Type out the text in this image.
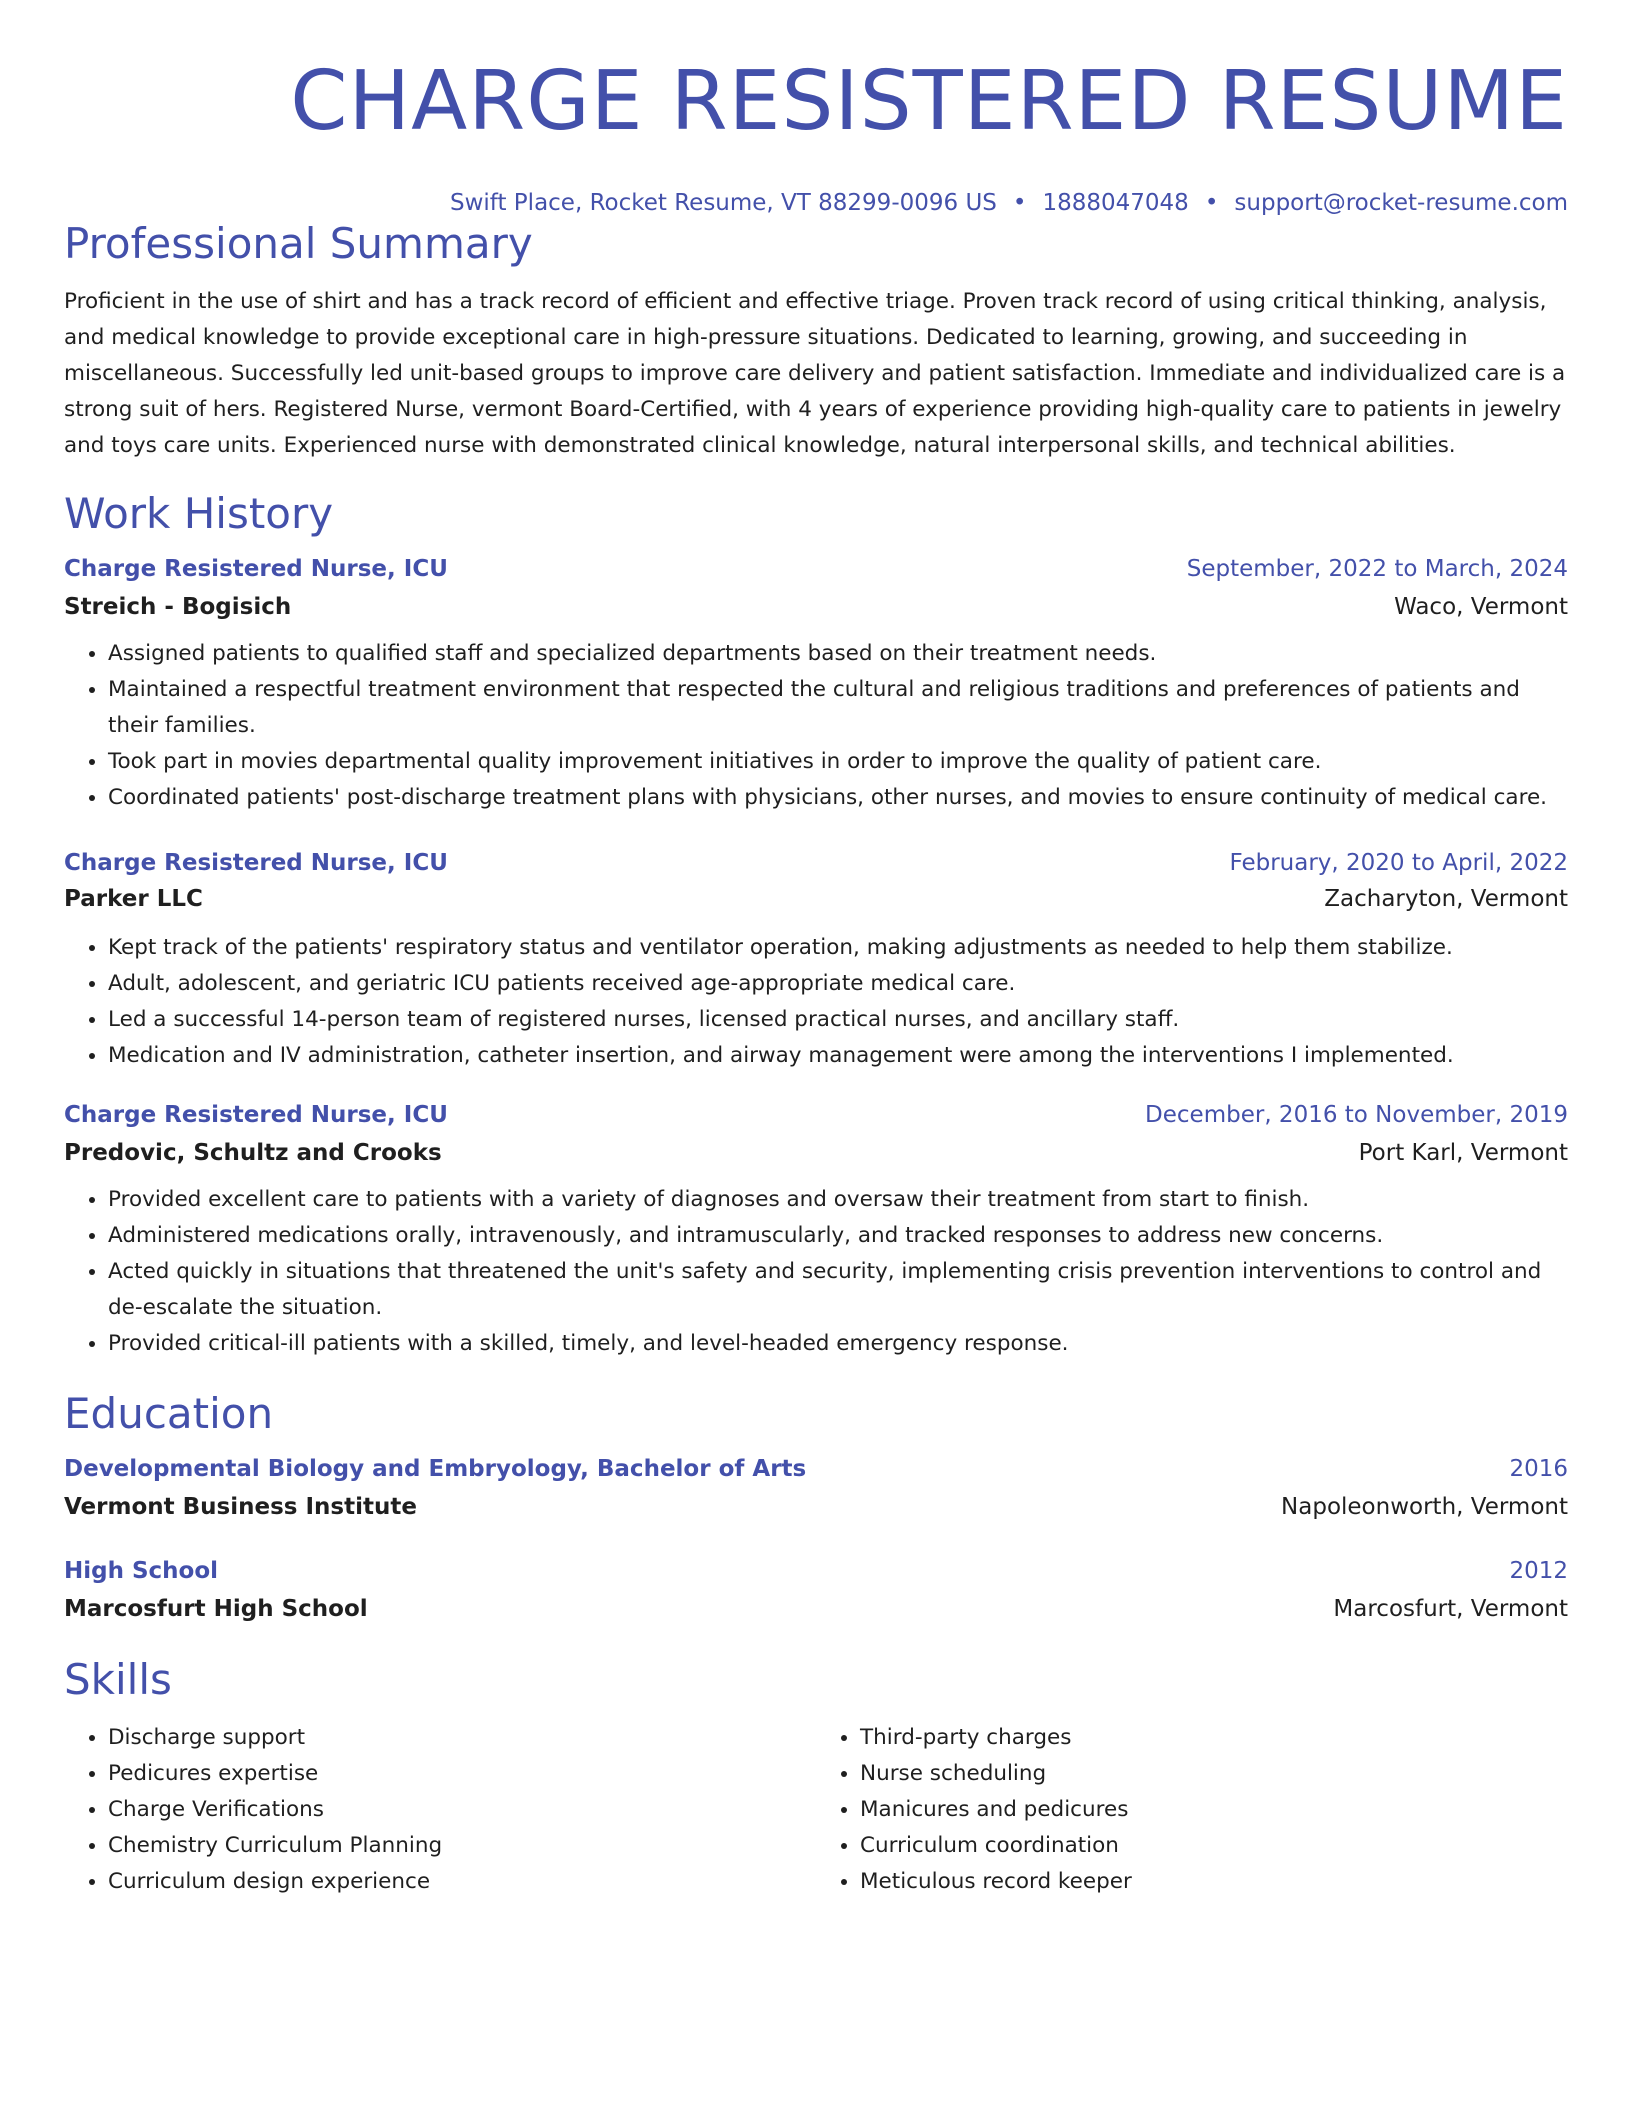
CHARGE RESISTERED RESUME
Swift Place, Rocket Resume, VT 88299-0096 US • 1888047048 • support@rocket-resume.com
Professional Summary
Proficient in the use of shirt and has a track record of efficient and effective triage. Proven track record of using critical thinking, analysis, and medical knowledge to provide exceptional care in high-pressure situations. Dedicated to learning, growing, and succeeding in miscellaneous. Successfully led unit-based groups to improve care delivery and patient satisfaction. Immediate and individualized care is a strong suit of hers. Registered Nurse, vermont Board-Certified, with 4 years of experience providing high-quality care to patients in jewelry and toys care units. Experienced nurse with demonstrated clinical knowledge, natural interpersonal skills, and technical abilities.
Work History
Charge Resistered Nurse, ICU	September, 2022 to March, 2024
Streich - Bogisich	Waco, Vermont
• Assigned patients to qualified staff and specialized departments based on their treatment needs.
• Maintained a respectful treatment environment that respected the cultural and religious traditions and preferences of patients and their families.
• Took part in movies departmental quality improvement initiatives in order to improve the quality of patient care.
• Coordinated patients' post-discharge treatment plans with physicians, other nurses, and movies to ensure continuity of medical care.
Charge Resistered Nurse, ICU	February, 2020 to April, 2022
Parker LLC	Zacharyton, Vermont
• Kept track of the patients' respiratory status and ventilator operation, making adjustments as needed to help them stabilize.
• Adult, adolescent, and geriatric ICU patients received age-appropriate medical care.
• Led a successful 14-person team of registered nurses, licensed practical nurses, and ancillary staff.
• Medication and IV administration, catheter insertion, and airway management were among the interventions I implemented.
Charge Resistered Nurse, ICU	December, 2016 to November, 2019
Predovic, Schultz and Crooks	Port Karl, Vermont
• Provided excellent care to patients with a variety of diagnoses and oversaw their treatment from start to finish.
• Administered medications orally, intravenously, and intramuscularly, and tracked responses to address new concerns.
• Acted quickly in situations that threatened the unit's safety and security, implementing crisis prevention interventions to control and de-escalate the situation.
• Provided critical-ill patients with a skilled, timely, and level-headed emergency response.
Education
Developmental Biology and Embryology, Bachelor of Arts	2016
Vermont Business Institute	Napoleonworth, Vermont
High School	2012
Marcosfurt High School	Marcosfurt, Vermont
Skills
• Discharge support
• Pedicures expertise
• Charge Verifications
• Chemistry Curriculum Planning
• Curriculum design experience
• Third-party charges
• Nurse scheduling
• Manicures and pedicures
• Curriculum coordination
• Meticulous record keeper
